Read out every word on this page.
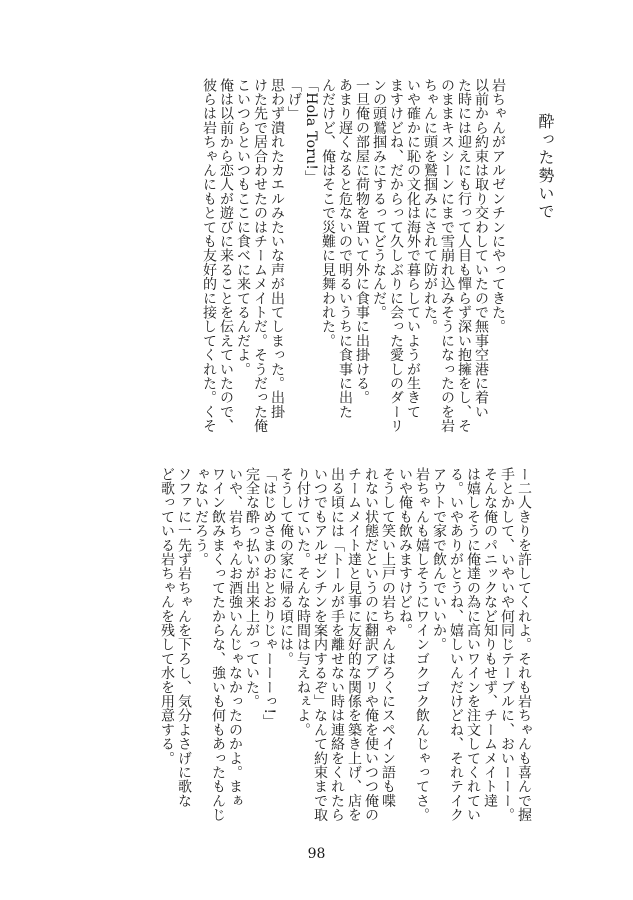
酔った勢いで
岩ちゃんがアルゼンチンにやってきた。
以前から約束は取り交わしていたので無事空港に着い
た時には迎えにも行って人目も憚らず深い抱擁をし、そ
のままキスシーンにまで雪崩れ込みそうになったのを岩
ちゃんに頭を鷲掴みにされて防がれた。
いや確かに恥の文化は海外で暮らしていようが生きて
ますけどね、だからって久しぶりに会った愛しのダーリ
ンの頭鷲掴みにするってどうなんだ。
一旦俺の部屋に荷物を置いて外に食事に出掛ける。
あまり遅くなると危ないので明るいうちに食事に出た
んだけど、俺はそこで災難に見舞われた。
「Hola Toru!」
「げ」
思わず潰れたカエルみたいな声が出てしまった。出掛
けた先で居合わせたのはチームメイトだ。そうだった俺
こいつらといつもここに食べに来てるんだよ。
俺は以前から恋人が遊びに来ることを伝えていたので、
彼らは岩ちゃんにもとても友好的に接してくれた。くそ
ー二人きりを許してくれよ。それも岩ちゃんも喜んで握
手とかして、いやいや何同じテーブルに、おいーーー。
そんな俺のパニックなど知りもせず、チームメイト達
は嬉しそうに俺達の為に高いワインを注文してくれてい
る。いやありがとうね、嬉しいんだけどね、それテイク
アウトで家で飲んでいいか。
岩ちゃんも嬉しそうにワインゴクゴク飲んじゃってさ。
いや俺も飲みますけどね。
そうして笑い上戸の岩ちゃんはろくにスペイン語も喋
れない状態だというのに翻訳アプリや俺を使いつつ俺の
チームメイト達と見事に友好的な関係を築き上げ、店を
出る頃には「トールが手を離せない時は連絡をくれたら
いつでもアルゼンチンを案内するぞ」なんて約束まで取
り付けていた。そんな時間は与えねぇよ。
そうして俺の家に帰る頃には。
「はじめさまのおとおりじゃーーーっ!」
完全な酔っ払いが出来上がっていた。
いや、岩ちゃんお酒強いんじゃなかったのかよ。まぁ
ワイン飲みまくってたからな、強いも何もあったもんじ
ゃないだろう。
ソファに一先ず岩ちゃんを下ろし、気分よさげに歌な
ど歌っている岩ちゃんを残して水を用意する。
98
